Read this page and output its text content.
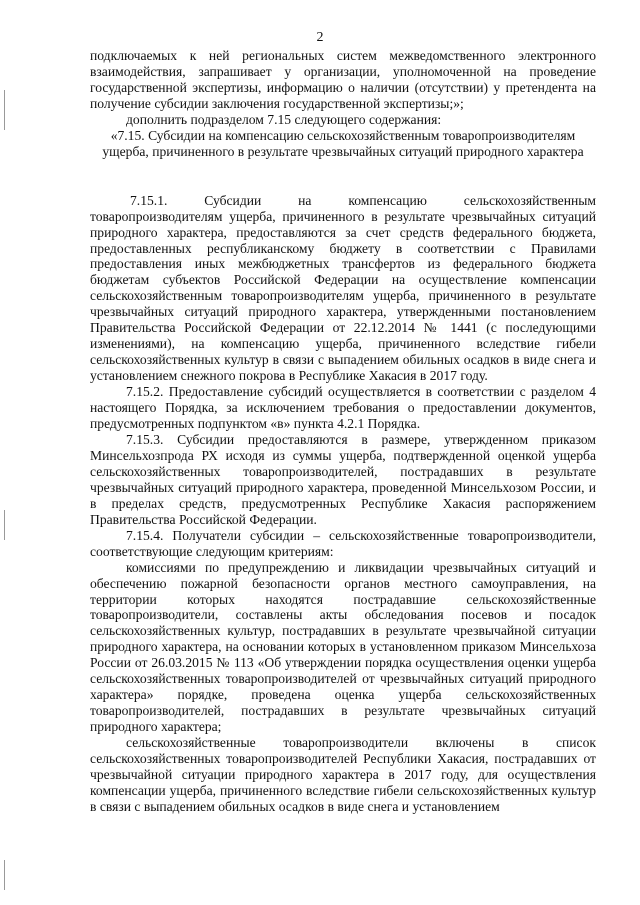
2

подключаемых к ней региональных систем межведомственного электронного взаимодействия, запрашивает у организации, уполномоченной на проведение государственной экспертизы, информацию о наличии (отсутствии) у претендента на получение субсидии заключения государственной экспертизы;»;

дополнить подразделом 7.15 следующего содержания:

«7.15. Субсидии на компенсацию сельскохозяйственным товаропроизводителям ущерба, причиненного в результате чрезвычайных ситуаций природного характера

7.15.1. Субсидии на компенсацию сельскохозяйственным товаропроизводителям ущерба, причиненного в результате чрезвычайных ситуаций природного характера, предоставляются за счет средств федерального бюджета, предоставленных республиканскому бюджету в соответствии с Правилами предоставления иных межбюджетных трансфертов из федерального бюджета бюджетам субъектов Российской Федерации на осуществление компенсации сельскохозяйственным товаропроизводителям ущерба, причиненного в результате чрезвычайных ситуаций природного характера, утвержденными постановлением Правительства Российской Федерации от 22.12.2014 № 1441 (с последующими изменениями), на компенсацию ущерба, причиненного вследствие гибели сельскохозяйственных культур в связи с выпадением обильных осадков в виде снега и установлением снежного покрова в Республике Хакасия в 2017 году.

7.15.2. Предоставление субсидий осуществляется в соответствии с разделом 4 настоящего Порядка, за исключением требования о предоставлении документов, предусмотренных подпунктом «в» пункта 4.2.1 Порядка.

7.15.3. Субсидии предоставляются в размере, утвержденном приказом Минсельхозпрода РХ исходя из суммы ущерба, подтвержденной оценкой ущерба сельскохозяйственных товаропроизводителей, пострадавших в результате чрезвычайных ситуаций природного характера, проведенной Минсельхозом России, и в пределах средств, предусмотренных Республике Хакасия распоряжением Правительства Российской Федерации.

7.15.4. Получатели субсидии – сельскохозяйственные товаропроизводители, соответствующие следующим критериям:

комиссиями по предупреждению и ликвидации чрезвычайных ситуаций и обеспечению пожарной безопасности органов местного самоуправления, на территории которых находятся пострадавшие сельскохозяйственные товаропроизводители, составлены акты обследования посевов и посадок сельскохозяйственных культур, пострадавших в результате чрезвычайной ситуации природного характера, на основании которых в установленном приказом Минсельхоза России от 26.03.2015 № 113 «Об утверждении порядка осуществления оценки ущерба сельскохозяйственных товаропроизводителей от чрезвычайных ситуаций природного характера» порядке, проведена оценка ущерба сельскохозяйственных товаропроизводителей, пострадавших в результате чрезвычайных ситуаций природного характера;

сельскохозяйственные товаропроизводители включены в список сельскохозяйственных товаропроизводителей Республики Хакасия, пострадавших от чрезвычайной ситуации природного характера в 2017 году, для осуществления компенсации ущерба, причиненного вследствие гибели сельскохозяйственных культур в связи с выпадением обильных осадков в виде снега и установлением
